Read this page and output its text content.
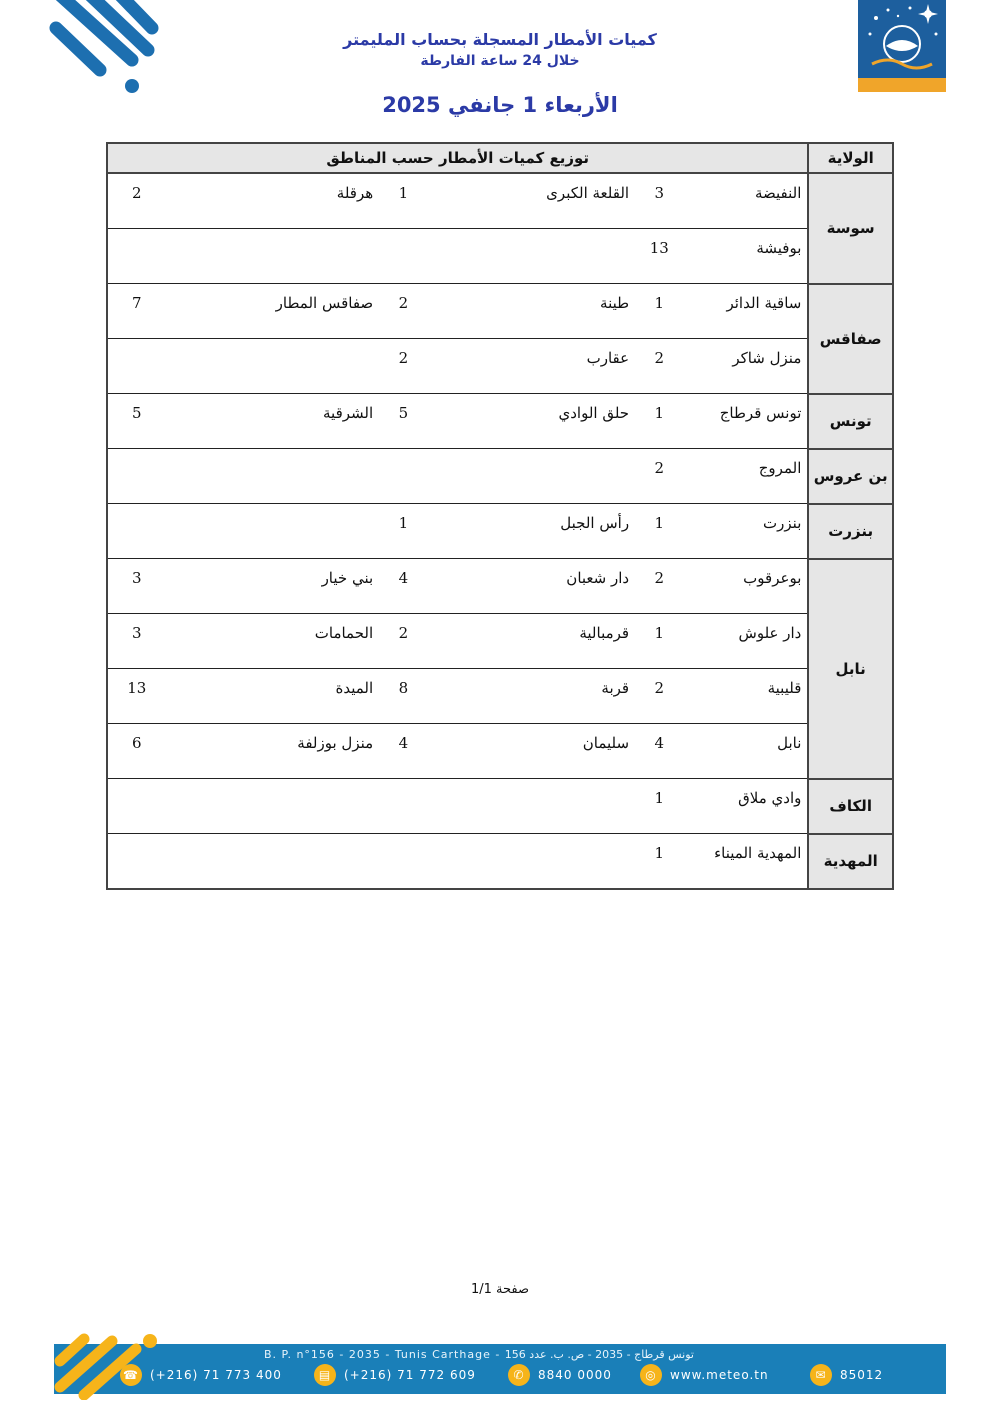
كميات الأمطار المسجلة بحساب المليمتر
خلال 24 ساعة الفارطة
الأربعاء 1 جانفي 2025
الولاية	توزيع كميات الأمطار حسب المناطق					
سوسة	النفيضة	3	القلعة الكبرى	1	هرقلة	2
	بوفيشة	13				
صفاقس	ساقية الدائر	1	طينة	2	صفاقس المطار	7
	منزل شاكر	2	عقارب	2		
تونس	تونس قرطاج	1	حلق الوادي	5	الشرقية	5
بن عروس	المروج	2				
بنزرت	بنزرت	1	رأس الجبل	1		
نابل	بوعرقوب	2	دار شعبان	4	بني خيار	3
	دار علوش	1	قرمبالية	2	الحمامات	3
	قليبية	2	قربة	8	الميدة	13
	نابل	4	سليمان	4	منزل بوزلفة	6
الكاف	وادي ملاق	1				
المهدية	المهدية الميناء	1				
صفحة 1/1
B. P. n°156 - 2035 - Tunis Carthage - تونس قرطاج - 2035 - ص. ب. عدد 156
☎ (+216) 71 773 400	▤	(+216) 71 772 609	✆	8840 0000	◎	www.meteo.tn	✉	85012
